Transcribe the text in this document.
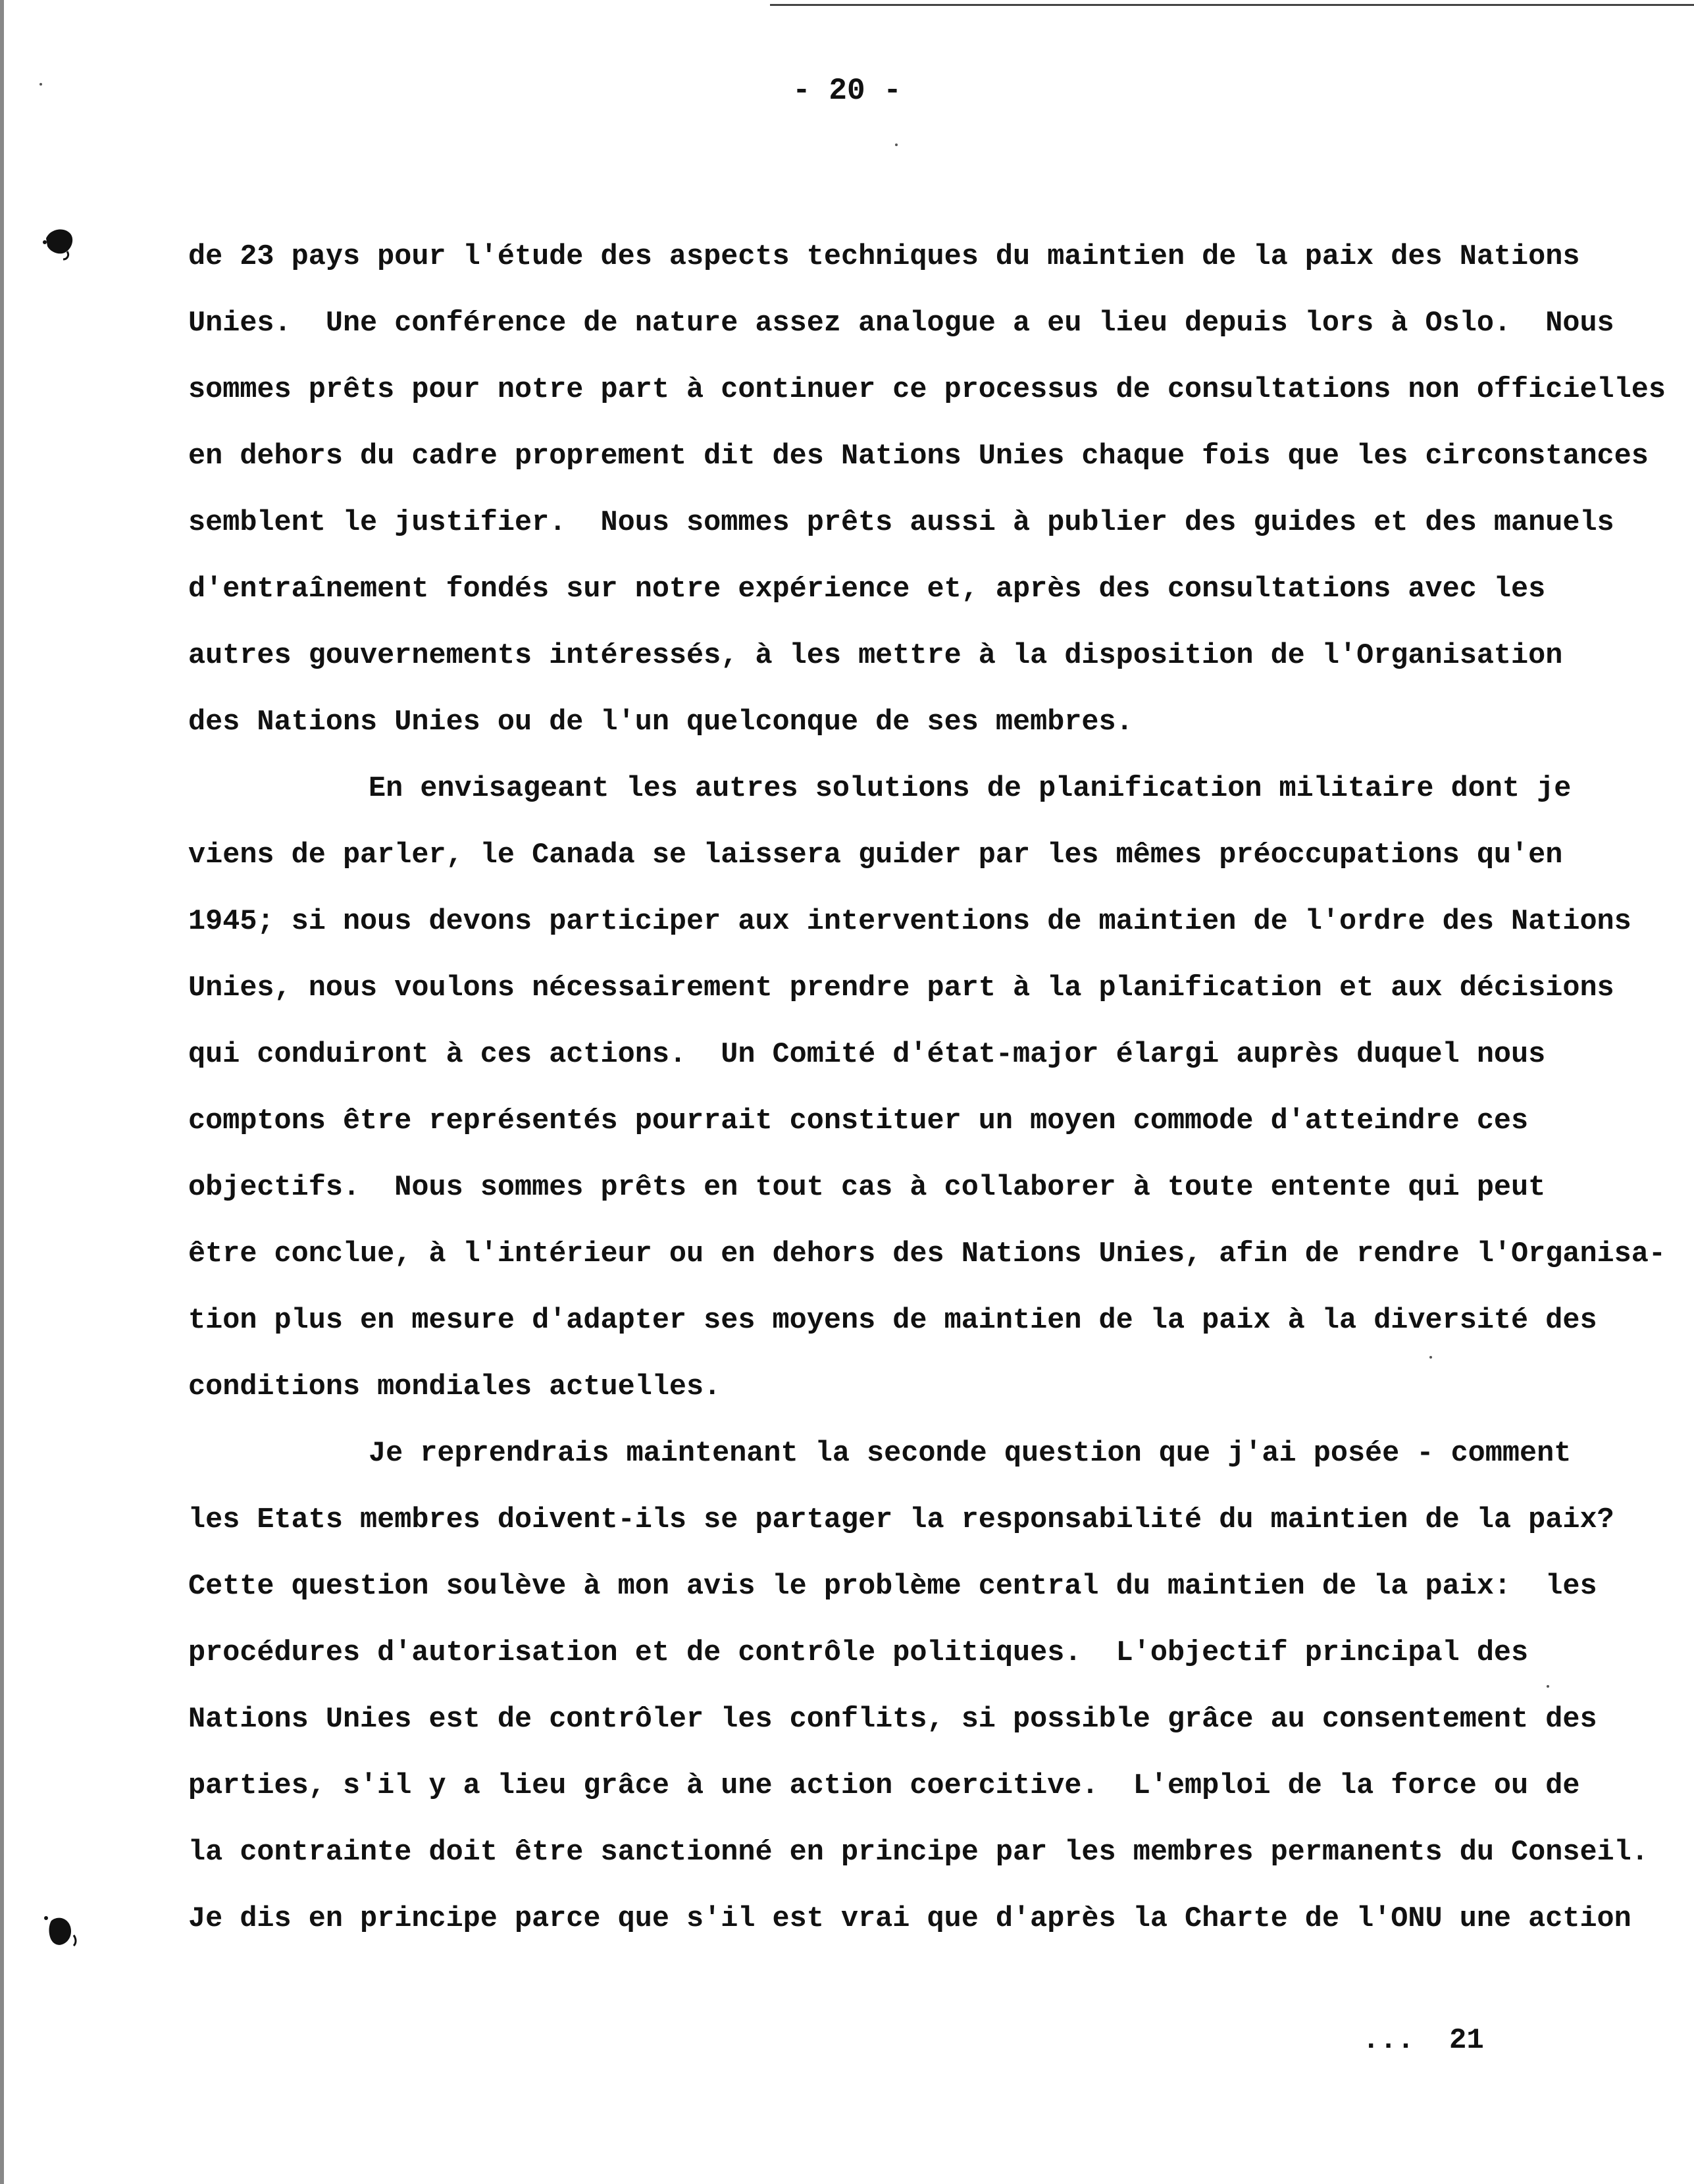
- 20 -
de 23 pays pour l'étude des aspects techniques du maintien de la paix des Nations
Unies.  Une conférence de nature assez analogue a eu lieu depuis lors à Oslo.  Nous
sommes prêts pour notre part à continuer ce processus de consultations non officielles
en dehors du cadre proprement dit des Nations Unies chaque fois que les circonstances
semblent le justifier.  Nous sommes prêts aussi à publier des guides et des manuels
d'entraînement fondés sur notre expérience et, après des consultations avec les
autres gouvernements intéressés, à les mettre à la disposition de l'Organisation
des Nations Unies ou de l'un quelconque de ses membres.
En envisageant les autres solutions de planification militaire dont je
viens de parler, le Canada se laissera guider par les mêmes préoccupations qu'en
1945; si nous devons participer aux interventions de maintien de l'ordre des Nations
Unies, nous voulons nécessairement prendre part à la planification et aux décisions
qui conduiront à ces actions.  Un Comité d'état-major élargi auprès duquel nous
comptons être représentés pourrait constituer un moyen commode d'atteindre ces
objectifs.  Nous sommes prêts en tout cas à collaborer à toute entente qui peut
être conclue, à l'intérieur ou en dehors des Nations Unies, afin de rendre l'Organisa-
tion plus en mesure d'adapter ses moyens de maintien de la paix à la diversité des
conditions mondiales actuelles.
Je reprendrais maintenant la seconde question que j'ai posée - comment
les Etats membres doivent-ils se partager la responsabilité du maintien de la paix?
Cette question soulève à mon avis le problème central du maintien de la paix:  les
procédures d'autorisation et de contrôle politiques.  L'objectif principal des
Nations Unies est de contrôler les conflits, si possible grâce au consentement des
parties, s'il y a lieu grâce à une action coercitive.  L'emploi de la force ou de
la contrainte doit être sanctionné en principe par les membres permanents du Conseil.
Je dis en principe parce que s'il est vrai que d'après la Charte de l'ONU une action
...  21
